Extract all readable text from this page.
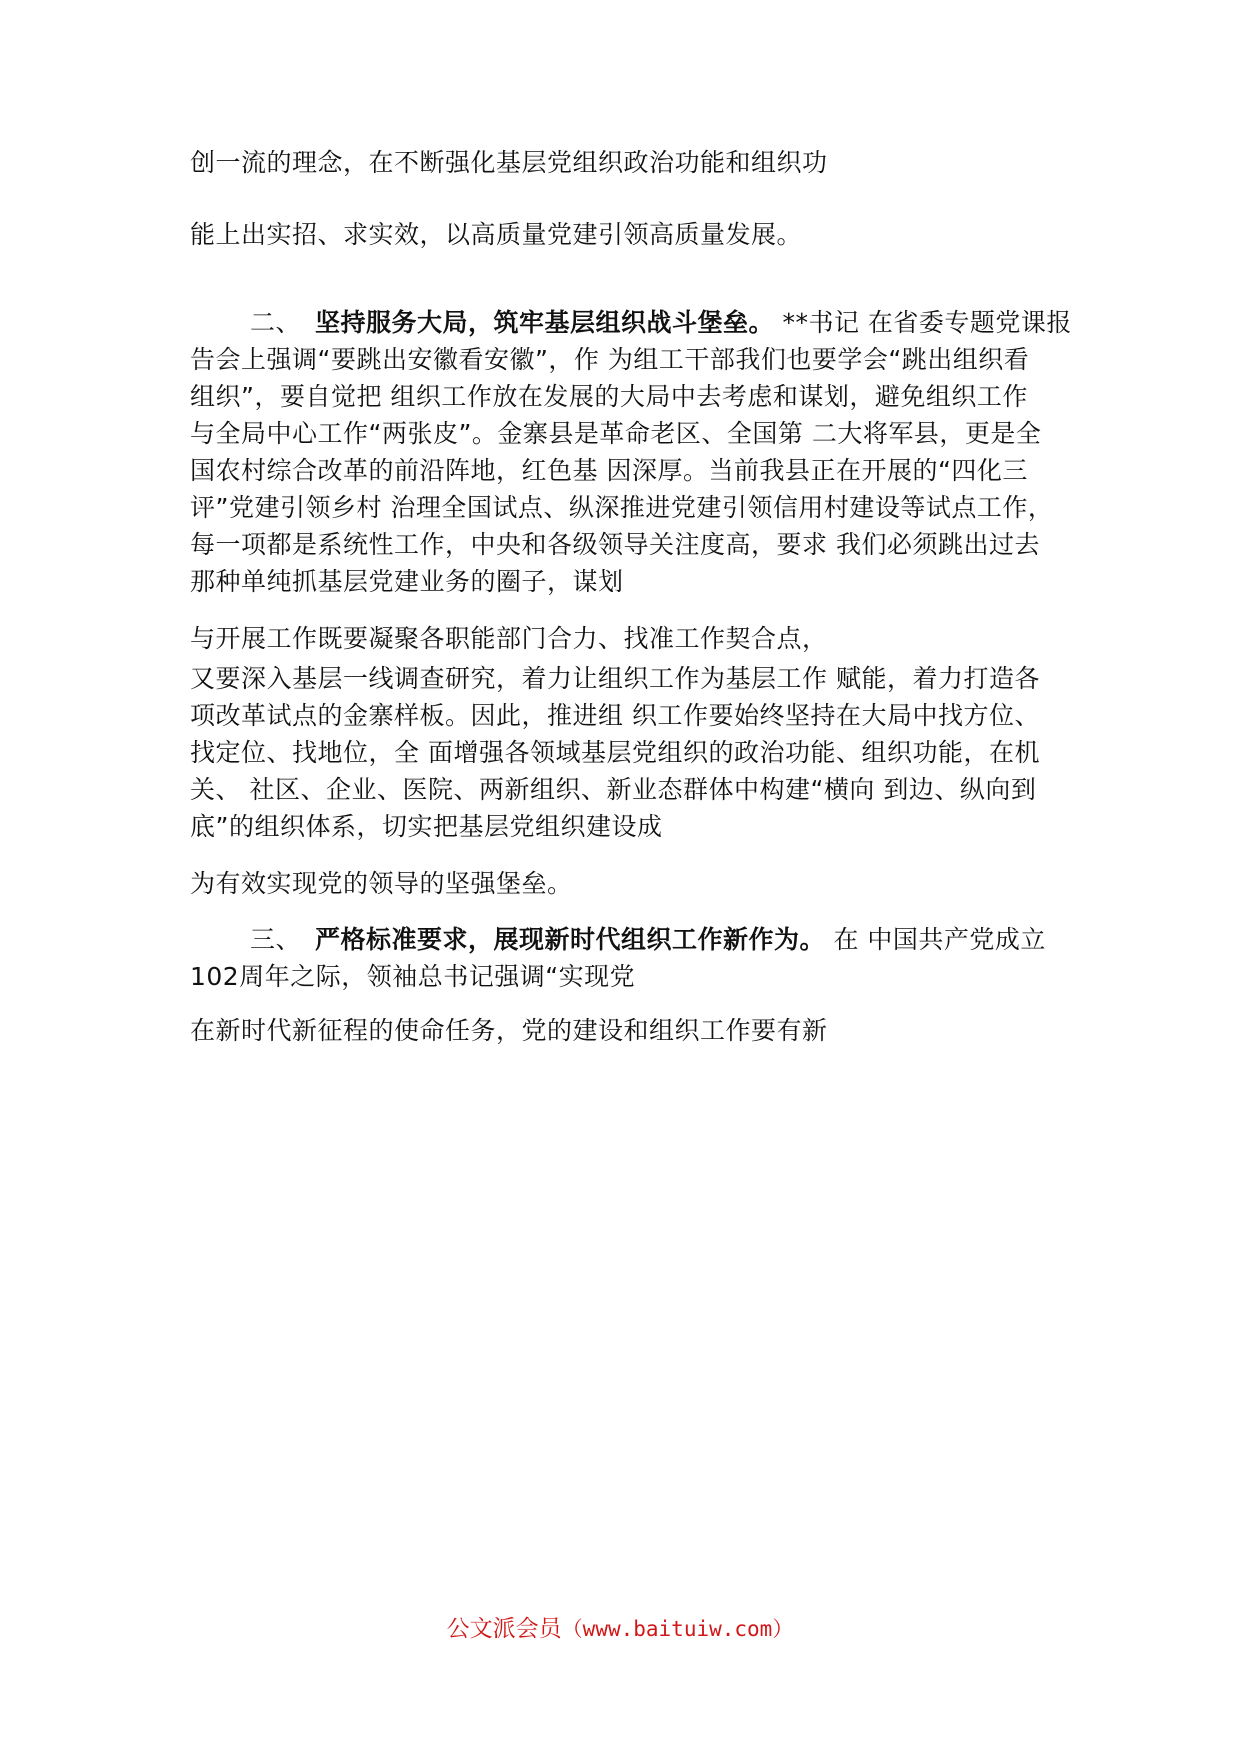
创一流的理念，在不断强化基层党组织政治功能和组织功
能上出实招、求实效，以高质量党建引领高质量发展。
二、 坚持服务大局，筑牢基层组织战斗堡垒。 **书记 在省委专题党课报
告会上强调“要跳出安徽看安徽”，作 为组工干部我们也要学会“跳出组织看
组织”，要自觉把 组织工作放在发展的大局中去考虑和谋划，避免组织工作
与全局中心工作“两张皮”。金寨县是革命老区、全国第 二大将军县，更是全
国农村综合改革的前沿阵地，红色基 因深厚。当前我县正在开展的“四化三
评”党建引领乡村 治理全国试点、纵深推进党建引领信用村建设等试点工作，
每一项都是系统性工作，中央和各级领导关注度高，要求 我们必须跳出过去
那种单纯抓基层党建业务的圈子，谋划
与开展工作既要凝聚各职能部门合力、找准工作契合点，
又要深入基层一线调查研究，着力让组织工作为基层工作 赋能，着力打造各
项改革试点的金寨样板。因此，推进组 织工作要始终坚持在大局中找方位、
找定位、找地位，全 面增强各领域基层党组织的政治功能、组织功能，在机
关、 社区、企业、医院、两新组织、新业态群体中构建“横向 到边、纵向到
底”的组织体系，切实把基层党组织建设成
为有效实现党的领导的坚强堡垒。
三、 严格标准要求，展现新时代组织工作新作为。 在 中国共产党成立
102周年之际，领袖总书记强调“实现党
在新时代新征程的使命任务，党的建设和组织工作要有新
公文派会员（www.baituiw.com）
